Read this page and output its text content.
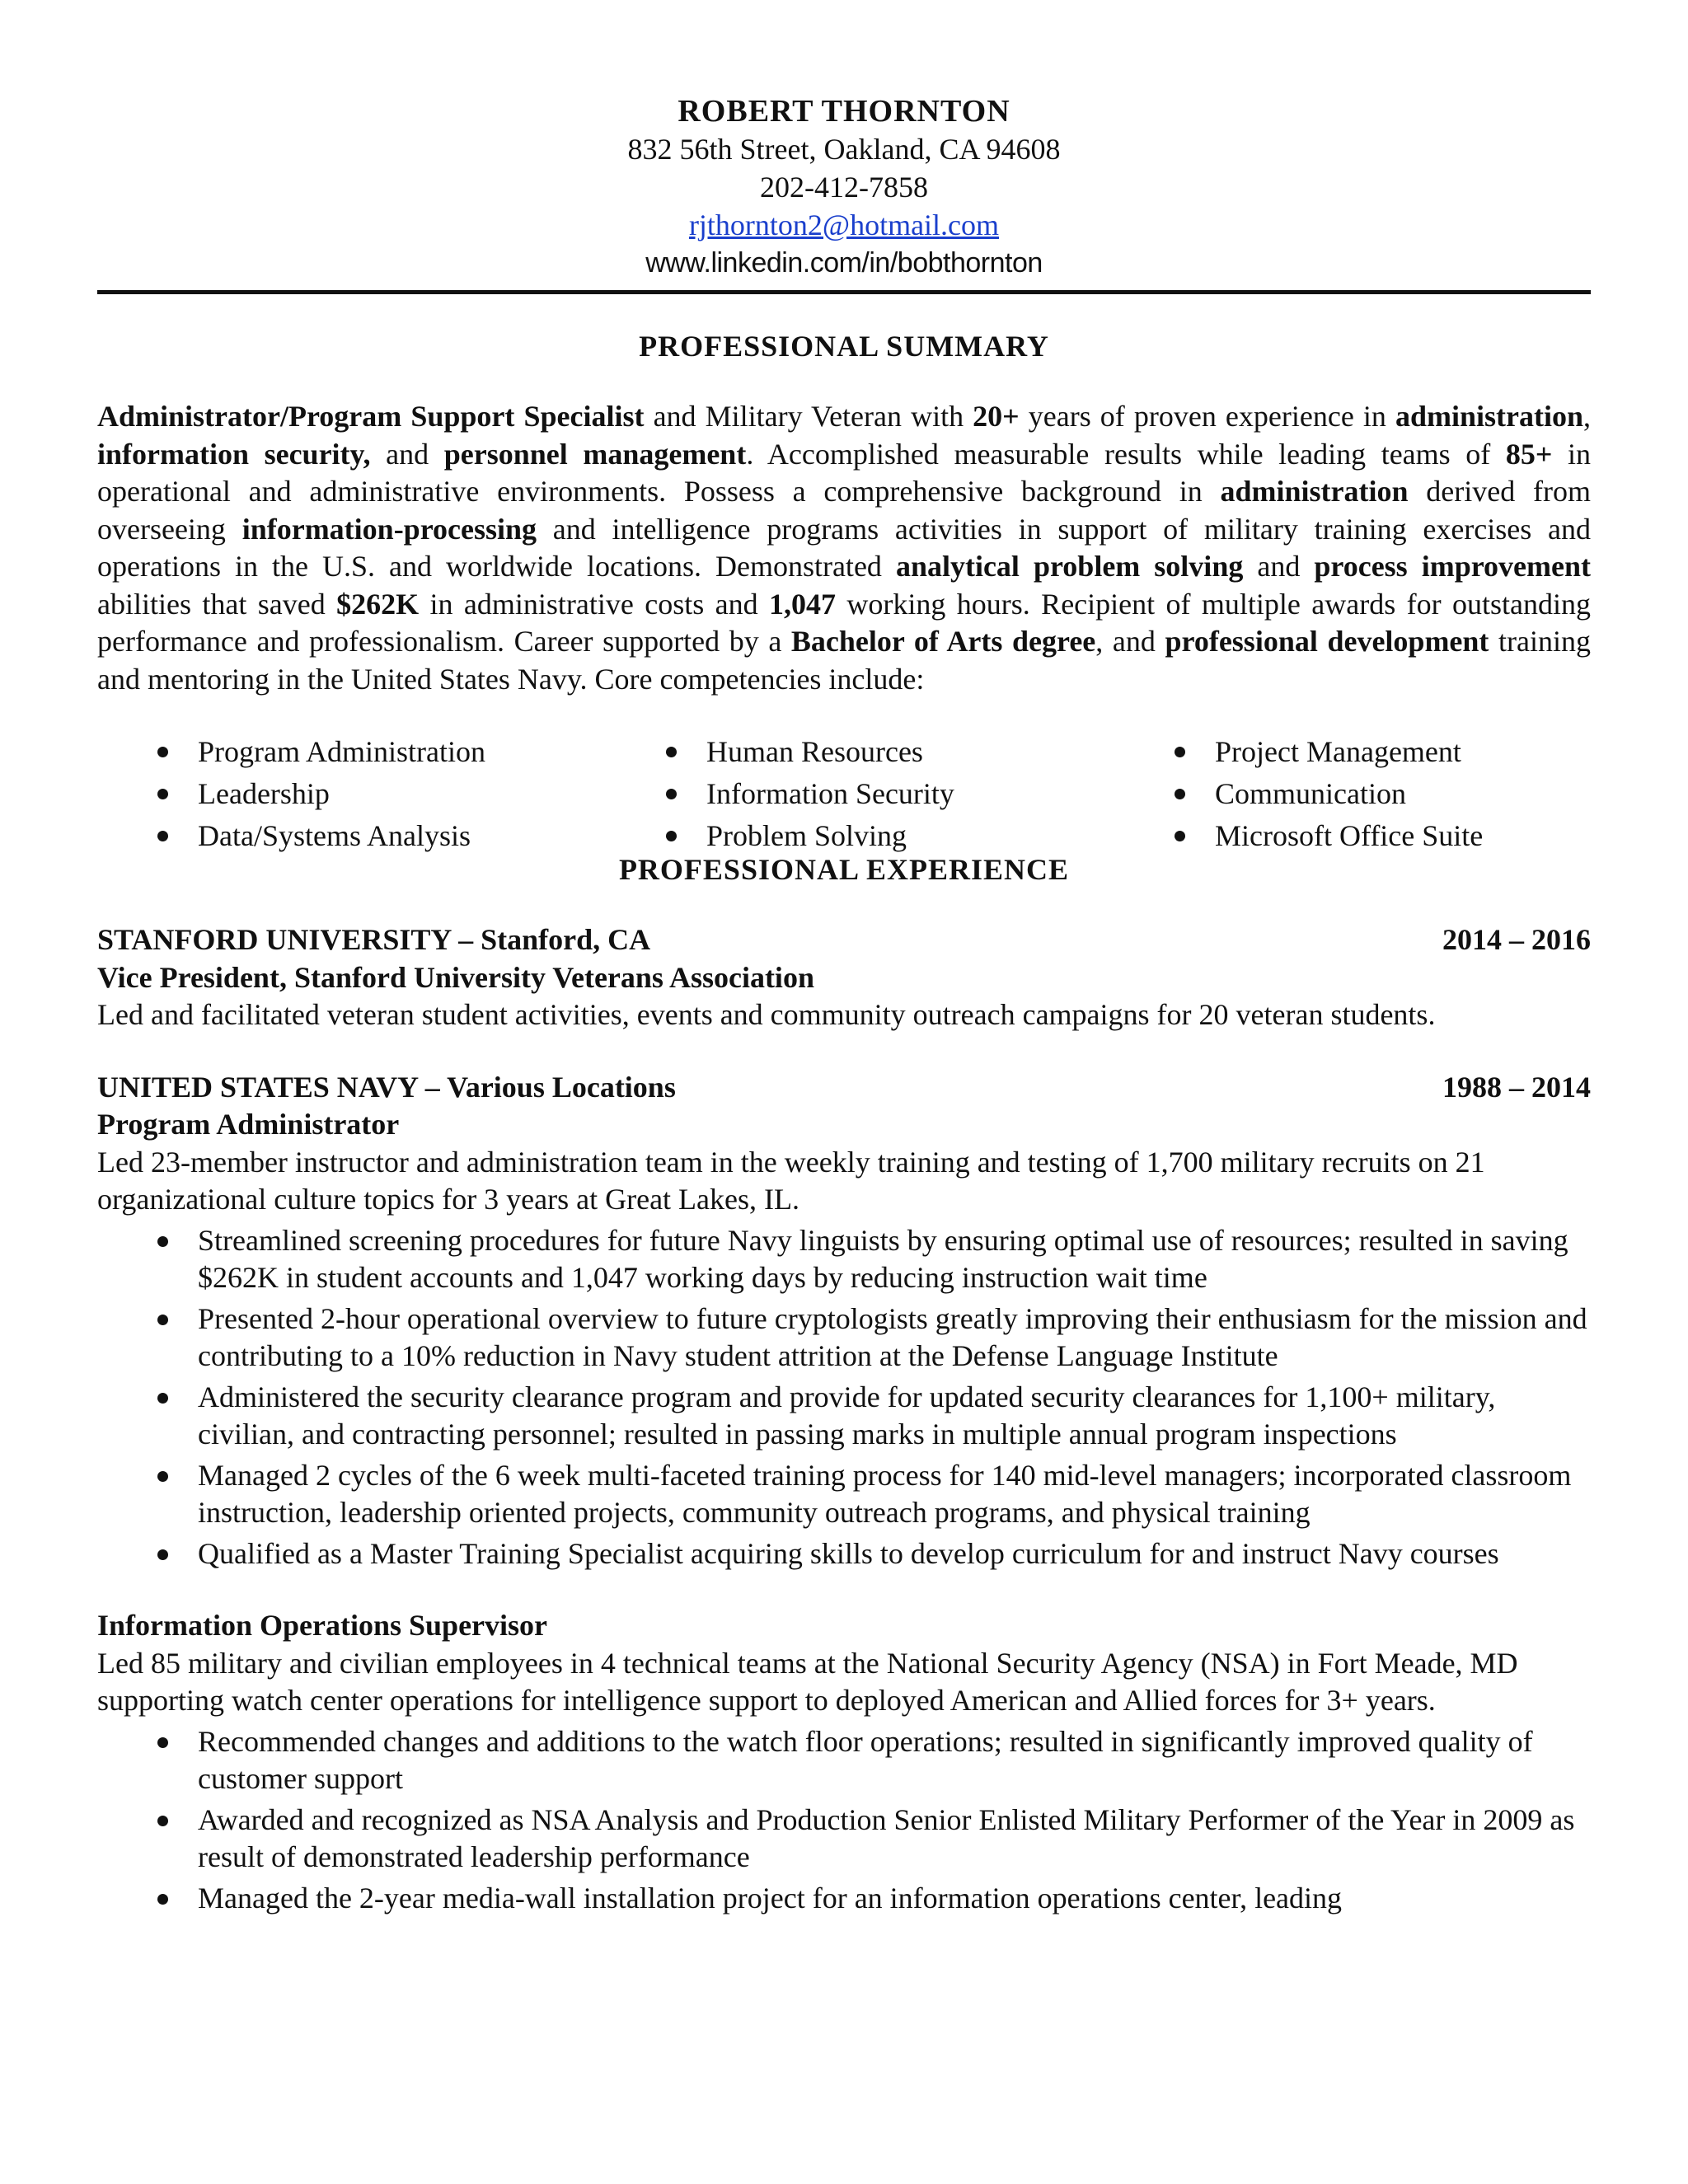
ROBERT THORNTON
832 56th Street, Oakland, CA 94608
202-412-7858
rjthornton2@hotmail.com
www.linkedin.com/in/bobthornton
PROFESSIONAL SUMMARY
Administrator/Program Support Specialist and Military Veteran with 20+ years of proven experience in administration, information security, and personnel management. Accomplished measurable results while leading teams of 85+ in operational and administrative environments. Possess a comprehensive background in administration derived from overseeing information-processing and intelligence programs activities in support of military training exercises and operations in the U.S. and worldwide locations. Demonstrated analytical problem solving and process improvement abilities that saved $262K in administrative costs and 1,047 working hours. Recipient of multiple awards for outstanding performance and professionalism. Career supported by a Bachelor of Arts degree, and professional development training and mentoring in the United States Navy. Core competencies include:
Program Administration	Human Resources	Project Management
Leadership	Information Security	Communication
Data/Systems Analysis	Problem Solving	Microsoft Office Suite
PROFESSIONAL EXPERIENCE
STANFORD UNIVERSITY – Stanford, CA	2014 – 2016
Vice President, Stanford University Veterans Association
Led and facilitated veteran student activities, events and community outreach campaigns for 20 veteran students.
UNITED STATES NAVY – Various Locations	1988 – 2014
Program Administrator
Led 23-member instructor and administration team in the weekly training and testing of 1,700 military recruits on 21 organizational culture topics for 3 years at Great Lakes, IL.
Streamlined screening procedures for future Navy linguists by ensuring optimal use of resources; resulted in saving $262K in student accounts and 1,047 working days by reducing instruction wait time
Presented 2-hour operational overview to future cryptologists greatly improving their enthusiasm for the mission and contributing to a 10% reduction in Navy student attrition at the Defense Language Institute
Administered the security clearance program and provide for updated security clearances for 1,100+ military, civilian, and contracting personnel; resulted in passing marks in multiple annual program inspections
Managed 2 cycles of the 6 week multi-faceted training process for 140 mid-level managers; incorporated classroom instruction, leadership oriented projects, community outreach programs, and physical training
Qualified as a Master Training Specialist acquiring skills to develop curriculum for and instruct Navy courses
Information Operations Supervisor
Led 85 military and civilian employees in 4 technical teams at the National Security Agency (NSA) in Fort Meade, MD supporting watch center operations for intelligence support to deployed American and Allied forces for 3+ years.
Recommended changes and additions to the watch floor operations; resulted in significantly improved quality of customer support
Awarded and recognized as NSA Analysis and Production Senior Enlisted Military Performer of the Year in 2009 as result of demonstrated leadership performance
Managed the 2-year media-wall installation project for an information operations center, leading
